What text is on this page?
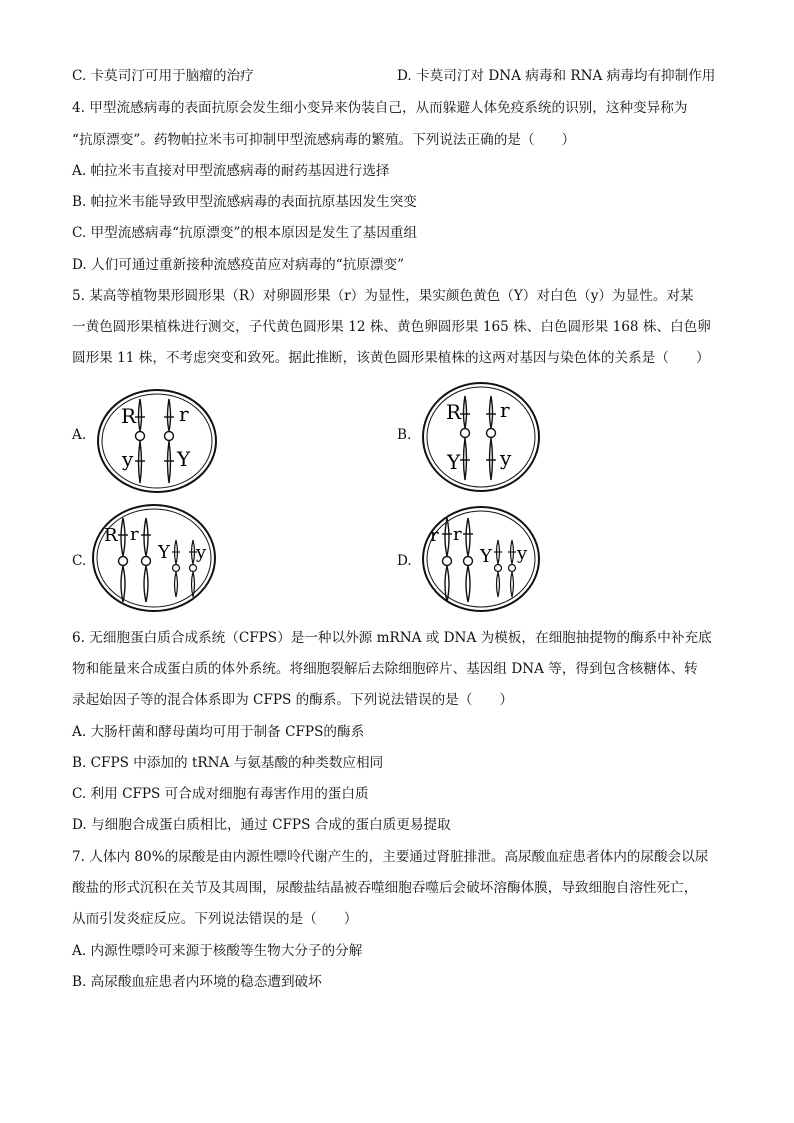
C. 卡莫司汀可用于脑瘤的治疗	D. 卡莫司汀对 DNA 病毒和 RNA 病毒均有抑制作用
4. 甲型流感病毒的表面抗原会发生细小变异来伪装自己，从而躲避人体免疫系统的识别，这种变异称为
“抗原漂变”。药物帕拉米韦可抑制甲型流感病毒的繁殖。下列说法正确的是（　　）
A. 帕拉米韦直接对甲型流感病毒的耐药基因进行选择
B. 帕拉米韦能导致甲型流感病毒的表面抗原基因发生突变
C. 甲型流感病毒“抗原漂变”的根本原因是发生了基因重组
D. 人们可通过重新接种流感疫苗应对病毒的“抗原漂变”
5. 某高等植物果形圆形果（R）对卵圆形果（r）为显性，果实颜色黄色（Y）对白色（y）为显性。对某
一黄色圆形果植株进行测交，子代黄色圆形果 12 株、黄色卵圆形果 165 株、白色圆形果 168 株、白色卵
圆形果 11 株，不考虑突变和致死。据此推断，该黄色圆形果植株的这两对基因与染色体的关系是（　　）
A.
R r
y Y
B.
R r
Y y
C.
R r
Y y	D.
r r
Y y
6. 无细胞蛋白质合成系统（CFPS）是一种以外源 mRNA 或 DNA 为模板，在细胞抽提物的酶系中补充底
物和能量来合成蛋白质的体外系统。将细胞裂解后去除细胞碎片、基因组 DNA 等，得到包含核糖体、转
录起始因子等的混合体系即为 CFPS 的酶系。下列说法错误的是（　　）
A. 大肠杆菌和酵母菌均可用于制备 CFPS的酶系
B. CFPS 中添加的 tRNA 与氨基酸的种类数应相同
C. 利用 CFPS 可合成对细胞有毒害作用的蛋白质
D. 与细胞合成蛋白质相比，通过 CFPS 合成的蛋白质更易提取
7. 人体内 80%的尿酸是由内源性嘌呤代谢产生的，主要通过肾脏排泄。高尿酸血症患者体内的尿酸会以尿
酸盐的形式沉积在关节及其周围，尿酸盐结晶被吞噬细胞吞噬后会破坏溶酶体膜，导致细胞自溶性死亡，
从而引发炎症反应。下列说法错误的是（　　）
A. 内源性嘌呤可来源于核酸等生物大分子的分解
B. 高尿酸血症患者内环境的稳态遭到破坏
